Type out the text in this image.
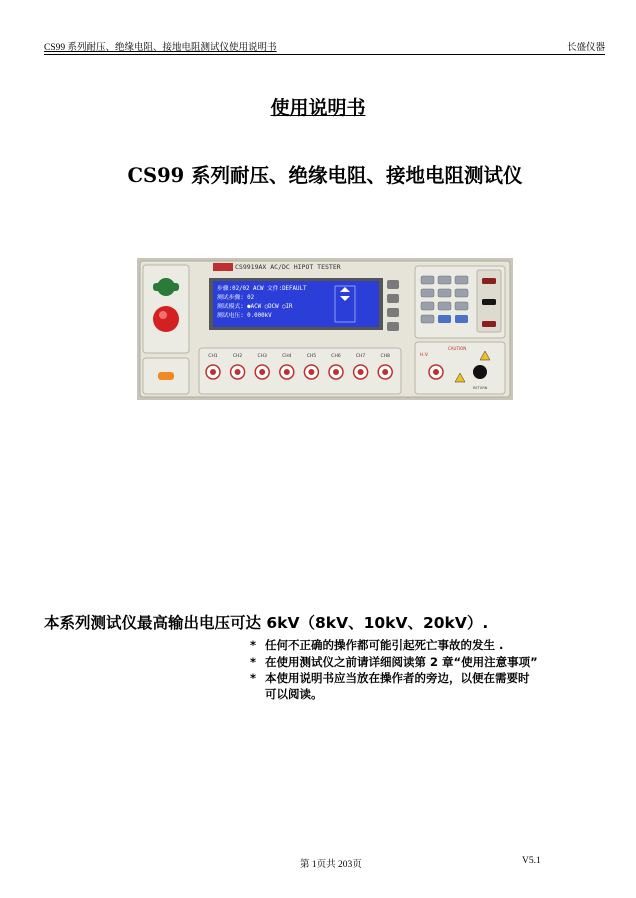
CS99 系列耐压、绝缘电阻、接地电阻测试仪使用说明书	长盛仪器
使用说明书
CS99 系列耐压、绝缘电阻、接地电阻测试仪
CS9919AX AC/DC HIPOT TESTER
步骤:02/02 ACW 文件:DEFAULT
测试步骤: 02
测试模式: ●ACW ○DCW ○IR
测试电压: 0.000kV
CH1	CH2	CH3	CH4	CH5	CH6	CH7	CH8	H.V.
CAUTION
RETURN
本系列测试仪最高输出电压可达 6kV（8kV、10kV、20kV）.
* 任何不正确的操作都可能引起死亡事故的发生 .
* 在使用测试仪之前请详细阅读第 2 章“使用注意事项”
* 本使用说明书应当放在操作者的旁边，以便在需要时
可以阅读。
第 1页共 203页	V5.1
